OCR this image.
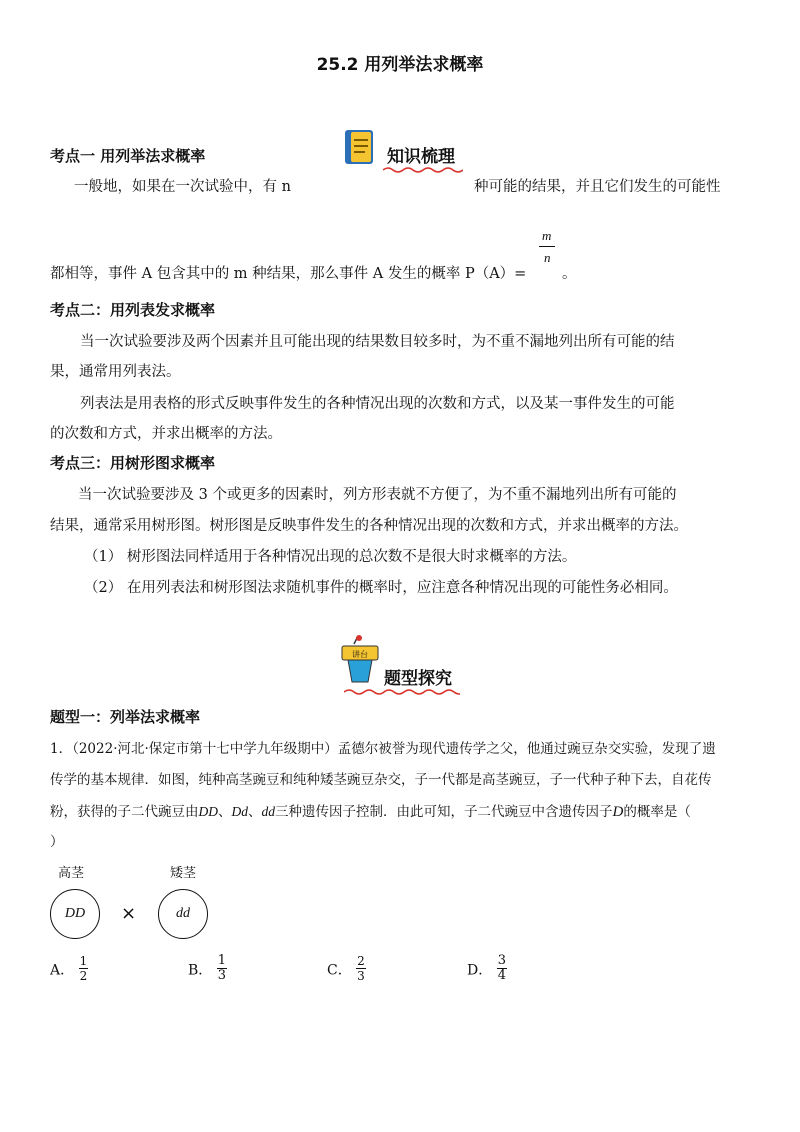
25.2 用列举法求概率
知识梳理
考点一 用列举法求概率
一般地，如果在一次试验中，有 n	种可能的结果，并且它们发生的可能性
都相等，事件 A 包含其中的 m 种结果，那么事件 A 发生的概率 P（A）=
m
n
。
考点二：用列表发求概率
当一次试验要涉及两个因素并且可能出现的结果数目较多时，为不重不漏地列出所有可能的结
果，通常用列表法。
列表法是用表格的形式反映事件发生的各种情况出现的次数和方式，以及某一事件发生的可能
的次数和方式，并求出概率的方法。
考点三：用树形图求概率
当一次试验要涉及 3 个或更多的因素时，列方形表就不方便了，为不重不漏地列出所有可能的
结果，通常采用树形图。树形图是反映事件发生的各种情况出现的次数和方式，并求出概率的方法。
（1） 树形图法同样适用于各种情况出现的总次数不是很大时求概率的方法。
（2） 在用列表法和树形图法求随机事件的概率时，应注意各种情况出现的可能性务必相同。
讲台
题型探究
题型一：列举法求概率
1．（2022·河北·保定市第十七中学九年级期中）孟德尔被誉为现代遗传学之父，他通过豌豆杂交实验，发现了遗
传学的基本规律．如图，纯种高茎豌豆和纯种矮茎豌豆杂交，子一代都是高茎豌豆，子一代种子种下去，自花传
粉，获得的子二代豌豆由DD、Dd、dd三种遗传因子控制．由此可知，子二代豌豆中含遗传因子D的概率是（
）
高茎	矮茎
DD	×	dd
A． $\frac{1}{2}$	B． $\frac{1}{3}$	C． $\frac{2}{3}$	D． $\frac{3}{4}$
